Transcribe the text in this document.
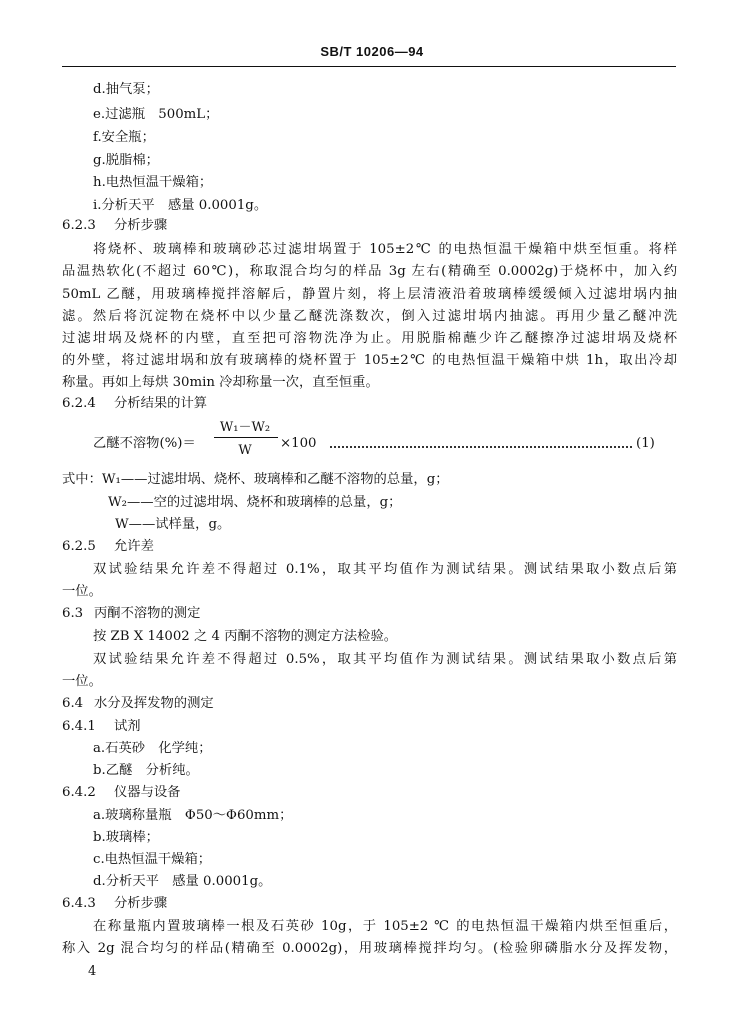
SB/T 10206—94
d.抽气泵；
e.过滤瓶　500mL；
f.安全瓶；
g.脱脂棉；
h.电热恒温干燥箱；
i.分析天平　感量 0.0001g。
6.2.3 分析步骤
将烧杯、玻璃棒和玻璃砂芯过滤坩埚置于 105±2℃ 的电热恒温干燥箱中烘至恒重。将样
品温热软化(不超过 60℃)，称取混合均匀的样品 3g 左右(精确至 0.0002g)于烧杯中，加入约
50mL 乙醚，用玻璃棒搅拌溶解后，静置片刻，将上层清液沿着玻璃棒缓缓倾入过滤坩埚内抽
滤。然后将沉淀物在烧杯中以少量乙醚洗涤数次，倒入过滤坩埚内抽滤。再用少量乙醚冲洗
过滤坩埚及烧杯的内壁，直至把可溶物洗净为止。用脱脂棉蘸少许乙醚擦净过滤坩埚及烧杯
的外壁，将过滤坩埚和放有玻璃棒的烧杯置于 105±2℃ 的电热恒温干燥箱中烘 1h，取出冷却
称量。再如上每烘 30min 冷却称量一次，直至恒重。
6.2.4 分析结果的计算
乙醚不溶物(%)＝
W₁－W₂
W	×100	(1)
式中：W₁——过滤坩埚、烧杯、玻璃棒和乙醚不溶物的总量，g；
W₂——空的过滤坩埚、烧杯和玻璃棒的总量，g；
W——试样量，g。
6.2.5 允许差
双试验结果允许差不得超过 0.1%，取其平均值作为测试结果。测试结果取小数点后第
一位。
6.3 丙酮不溶物的测定
按 ZB X 14002 之 4 丙酮不溶物的测定方法检验。
双试验结果允许差不得超过 0.5%，取其平均值作为测试结果。测试结果取小数点后第
一位。
6.4 水分及挥发物的测定
6.4.1 试剂
a.石英砂　化学纯；
b.乙醚　分析纯。
6.4.2 仪器与设备
a.玻璃称量瓶　Φ50～Φ60mm；
b.玻璃棒；
c.电热恒温干燥箱；
d.分析天平　感量 0.0001g。
6.4.3 分析步骤
在称量瓶内置玻璃棒一根及石英砂 10g，于 105±2 ℃ 的电热恒温干燥箱内烘至恒重后，
称入 2g 混合均匀的样品(精确至 0.0002g)，用玻璃棒搅拌均匀。(检验卵磷脂水分及挥发物，
4
